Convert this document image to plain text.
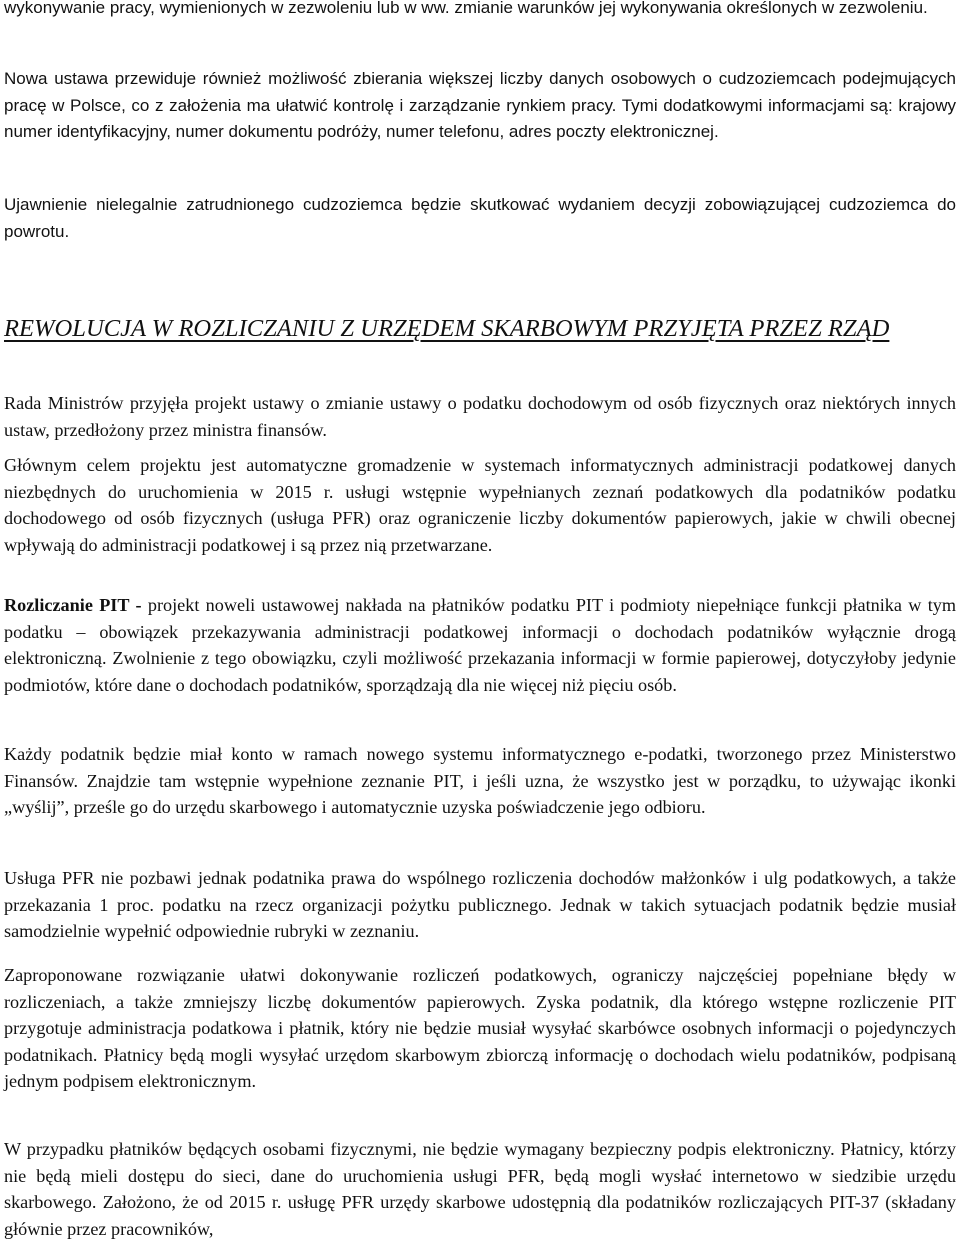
wykonywanie pracy, wymienionych w zezwoleniu lub w ww. zmianie warunków jej wykonywania określonych w zezwoleniu.

Nowa ustawa przewiduje również możliwość zbierania większej liczby danych osobowych o cudzoziemcach podejmujących pracę w Polsce, co z założenia ma ułatwić kontrolę i zarządzanie rynkiem pracy. Tymi dodatkowymi informacjami są: krajowy numer identyfikacyjny, numer dokumentu podróży, numer telefonu, adres poczty elektronicznej.

Ujawnienie nielegalnie zatrudnionego cudzoziemca będzie skutkować wydaniem decyzji zobowiązującej cudzoziemca do powrotu.

REWOLUCJA W ROZLICZANIU Z URZĘDEM SKARBOWYM PRZYJĘTA PRZEZ RZĄD

Rada Ministrów przyjęła projekt ustawy o zmianie ustawy o podatku dochodowym od osób fizycznych oraz niektórych innych ustaw, przedłożony przez ministra finansów.

Głównym celem projektu jest automatyczne gromadzenie w systemach informatycznych administracji podatkowej danych niezbędnych do uruchomienia w 2015 r. usługi wstępnie wypełnianych zeznań podatkowych dla podatników podatku dochodowego od osób fizycznych (usługa PFR) oraz ograniczenie liczby dokumentów papierowych, jakie w chwili obecnej wpływają do administracji podatkowej i są przez nią przetwarzane.

Rozliczanie PIT - projekt noweli ustawowej nakłada na płatników podatku PIT i podmioty niepełniące funkcji płatnika w tym podatku – obowiązek przekazywania administracji podatkowej informacji o dochodach podatników wyłącznie drogą elektroniczną. Zwolnienie z tego obowiązku, czyli możliwość przekazania informacji w formie papierowej, dotyczyłoby jedynie podmiotów, które dane o dochodach podatników, sporządzają dla nie więcej niż pięciu osób.

Każdy podatnik będzie miał konto w ramach nowego systemu informatycznego e-podatki, tworzonego przez Ministerstwo Finansów. Znajdzie tam wstępnie wypełnione zeznanie PIT, i jeśli uzna, że wszystko jest w porządku, to używając ikonki „wyślij”, prześle go do urzędu skarbowego i automatycznie uzyska poświadczenie jego odbioru.

Usługa PFR nie pozbawi jednak podatnika prawa do wspólnego rozliczenia dochodów małżonków i ulg podatkowych, a także przekazania 1 proc. podatku na rzecz organizacji pożytku publicznego. Jednak w takich sytuacjach podatnik będzie musiał samodzielnie wypełnić odpowiednie rubryki w zeznaniu.

Zaproponowane rozwiązanie ułatwi dokonywanie rozliczeń podatkowych, ograniczy najczęściej popełniane błędy w rozliczeniach, a także zmniejszy liczbę dokumentów papierowych. Zyska podatnik, dla którego wstępne rozliczenie PIT przygotuje administracja podatkowa i płatnik, który nie będzie musiał wysyłać skarbówce osobnych informacji o pojedynczych podatnikach. Płatnicy będą mogli wysyłać urzędom skarbowym zbiorczą informację o dochodach wielu podatników, podpisaną jednym podpisem elektronicznym.

W przypadku płatników będących osobami fizycznymi, nie będzie wymagany bezpieczny podpis elektroniczny. Płatnicy, którzy nie będą mieli dostępu do sieci, dane do uruchomienia usługi PFR, będą mogli wysłać internetowo w siedzibie urzędu skarbowego. Założono, że od 2015 r. usługę PFR urzędy skarbowe udostępnią dla podatników rozliczających PIT-37 (składany głównie przez pracowników,
